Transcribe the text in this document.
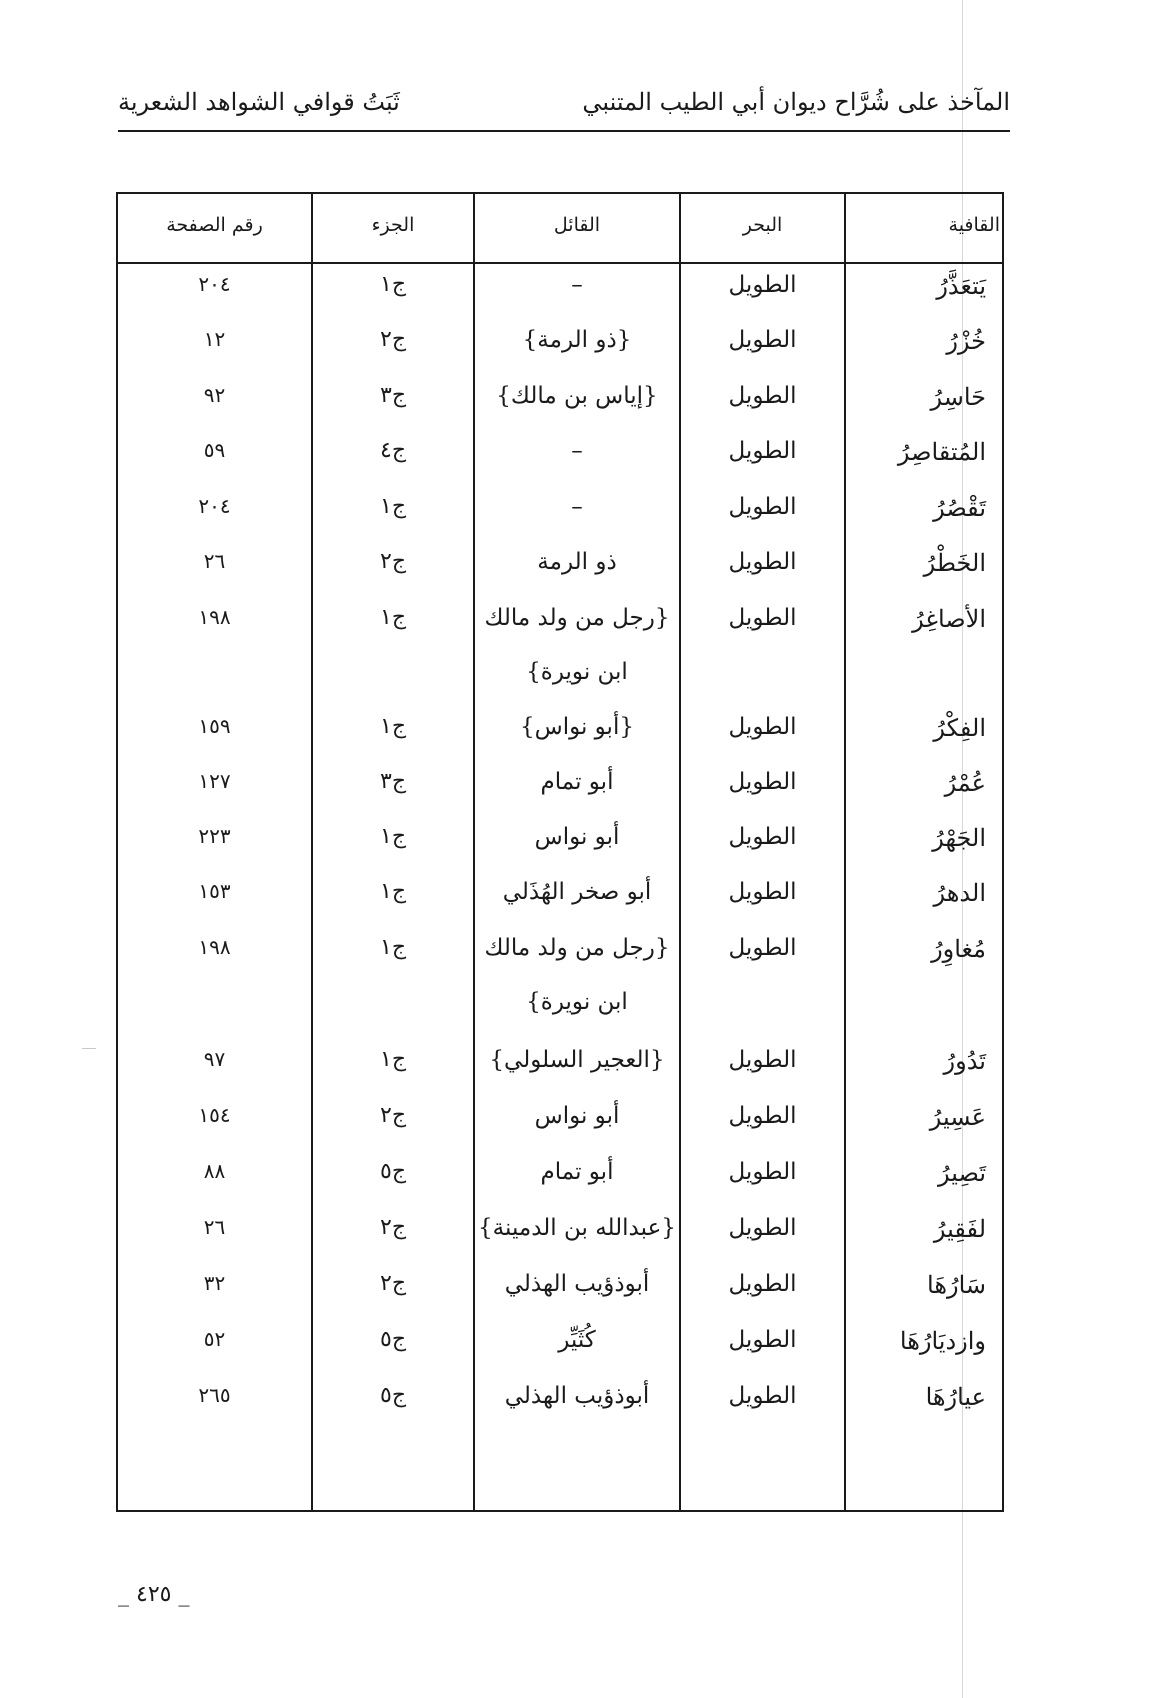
المآخذ على شُرَّاح ديوان أبي الطيب المتنبي
ثَبَتُ قوافي الشواهد الشعرية
رقم الصفحة	الجزء	القائل	البحر	القافية
٢٠٤	ج١	–	الطويل	يَتعَذَّرُ
١٢	ج٢	{ذو الرمة}	الطويل	خُزْرُ
٩٢	ج٣	{إياس بن مالك}	الطويل	حَاسِرُ
٥٩	ج٤	–	الطويل	المُتقاصِرُ
٢٠٤	ج١	–	الطويل	تَقْصُرُ
٢٦	ج٢	ذو الرمة	الطويل	الخَطْرُ
١٩٨	ج١	{رجل من ولد مالك	الطويل	الأصاغِرُ
ابن نويرة}
١٥٩	ج١	{أبو نواس}	الطويل	الفِكْرُ
١٢٧	ج٣	أبو تمام	الطويل	عُمْرُ
٢٢٣	ج١	أبو نواس	الطويل	الجَهْرُ
١٥٣	ج١	أبو صخر الهُذَلي	الطويل	الدهرُ
١٩٨	ج١	{رجل من ولد مالك	الطويل	مُغاوِرُ
ابن نويرة}
٩٧	ج١	{العجير السلولي}	الطويل	تَدُورُ
١٥٤	ج٢	أبو نواس	الطويل	عَسِيرُ
٨٨	ج٥	أبو تمام	الطويل	تَصِيرُ
٢٦	ج٢	{عبدالله بن الدمينة}	الطويل	لفَقِيرُ
٣٢	ج٢	أبوذؤيب الهذلي	الطويل	سَارُهَا
٥٢	ج٥	كُثَيِّر	الطويل	وازديَارُهَا
٢٦٥	ج٥	أبوذؤيب الهذلي	الطويل	عيارُهَا
_ ٤٢٥ _
